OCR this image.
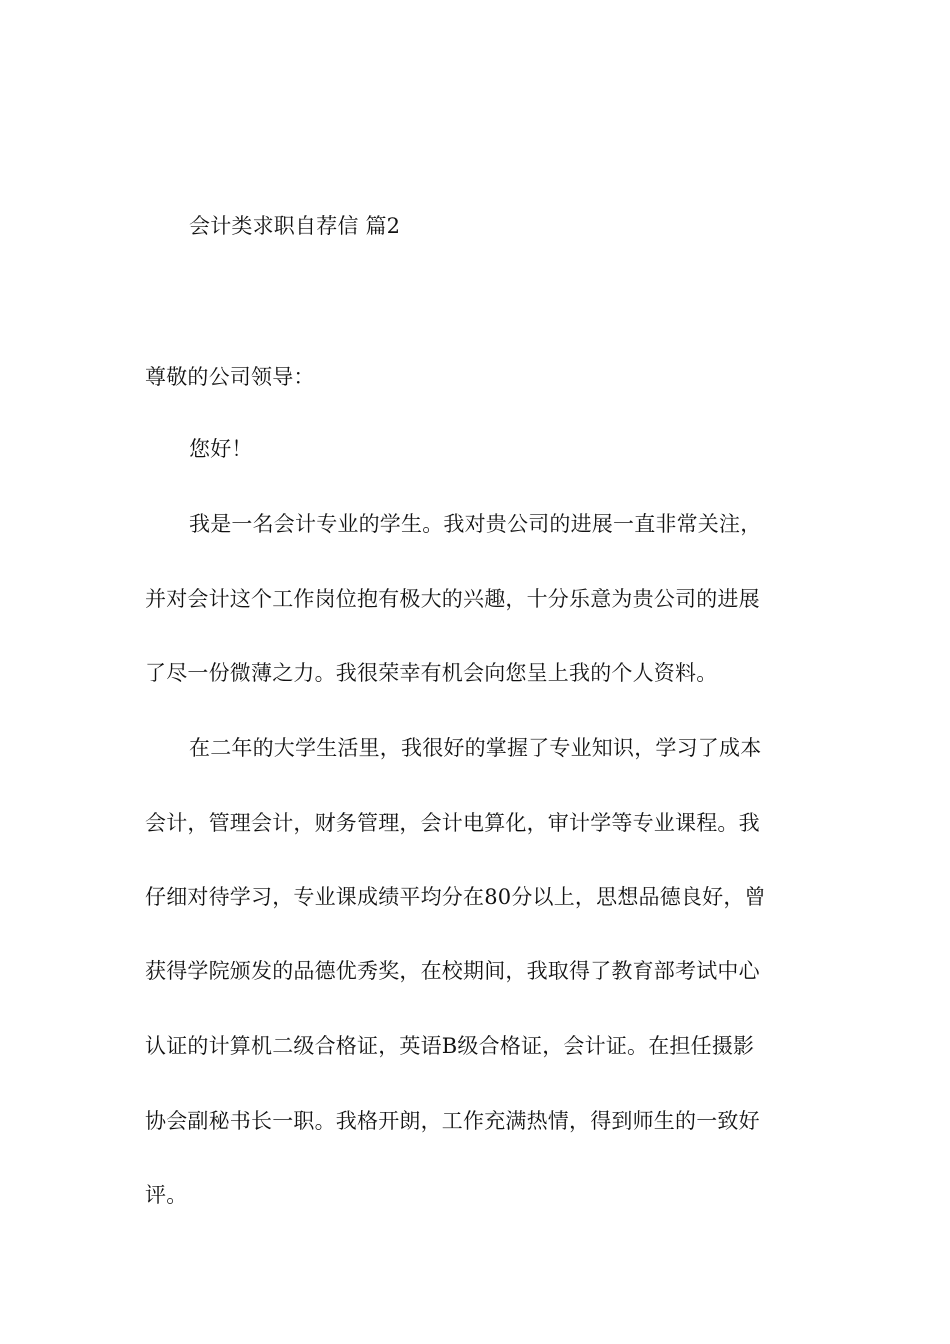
会计类求职自荐信 篇2
尊敬的公司领导：
您好！
我是一名会计专业的学生。我对贵公司的进展一直非常关注，
并对会计这个工作岗位抱有极大的兴趣，十分乐意为贵公司的进展
了尽一份微薄之力。我很荣幸有机会向您呈上我的个人资料。
在二年的大学生活里，我很好的掌握了专业知识，学习了成本
会计，管理会计，财务管理，会计电算化，审计学等专业课程。我
仔细对待学习，专业课成绩平均分在80分以上，思想品德良好，曾
获得学院颁发的品德优秀奖，在校期间，我取得了教育部考试中心
认证的计算机二级合格证，英语B级合格证，会计证。在担任摄影
协会副秘书长一职。我格开朗，工作充满热情，得到师生的一致好
评。
